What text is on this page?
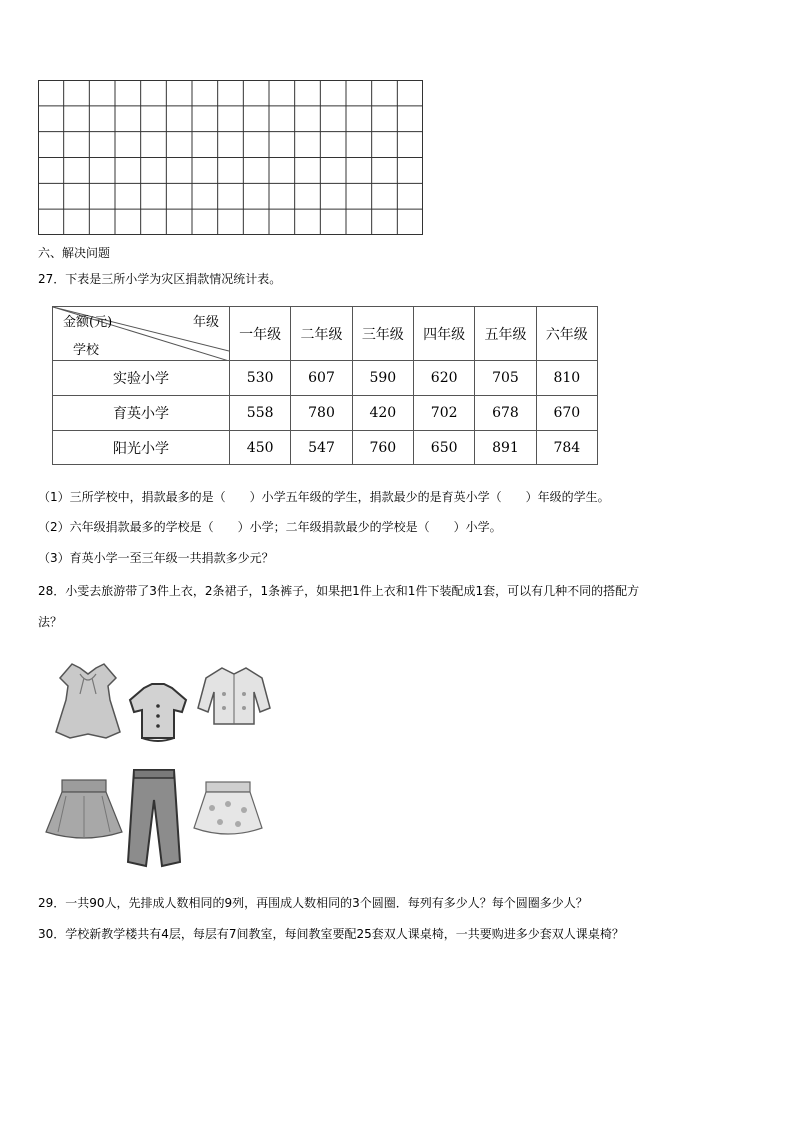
六、解决问题
27．下表是三所小学为灾区捐款情况统计表。
金额(元) 年级
学校	一年级	二年级	三年级	四年级	五年级	六年级
实验小学	530	607	590	620	705	810
育英小学	558	780	420	702	678	670
阳光小学	450	547	760	650	891	784
（1）三所学校中，捐款最多的是（　　）小学五年级的学生，捐款最少的是育英小学（　　）年级的学生。
（2）六年级捐款最多的学校是（　　）小学；二年级捐款最少的学校是（　　）小学。
（3）育英小学一至三年级一共捐款多少元？
28．小雯去旅游带了3件上衣，2条裙子，1条裤子，如果把1件上衣和1件下装配成1套，可以有几种不同的搭配方
法？
29．一共90人，先排成人数相同的9列，再围成人数相同的3个圆圈．每列有多少人？每个圆圈多少人？
30．学校新教学楼共有4层，每层有7间教室，每间教室要配25套双人课桌椅，一共要购进多少套双人课桌椅？
